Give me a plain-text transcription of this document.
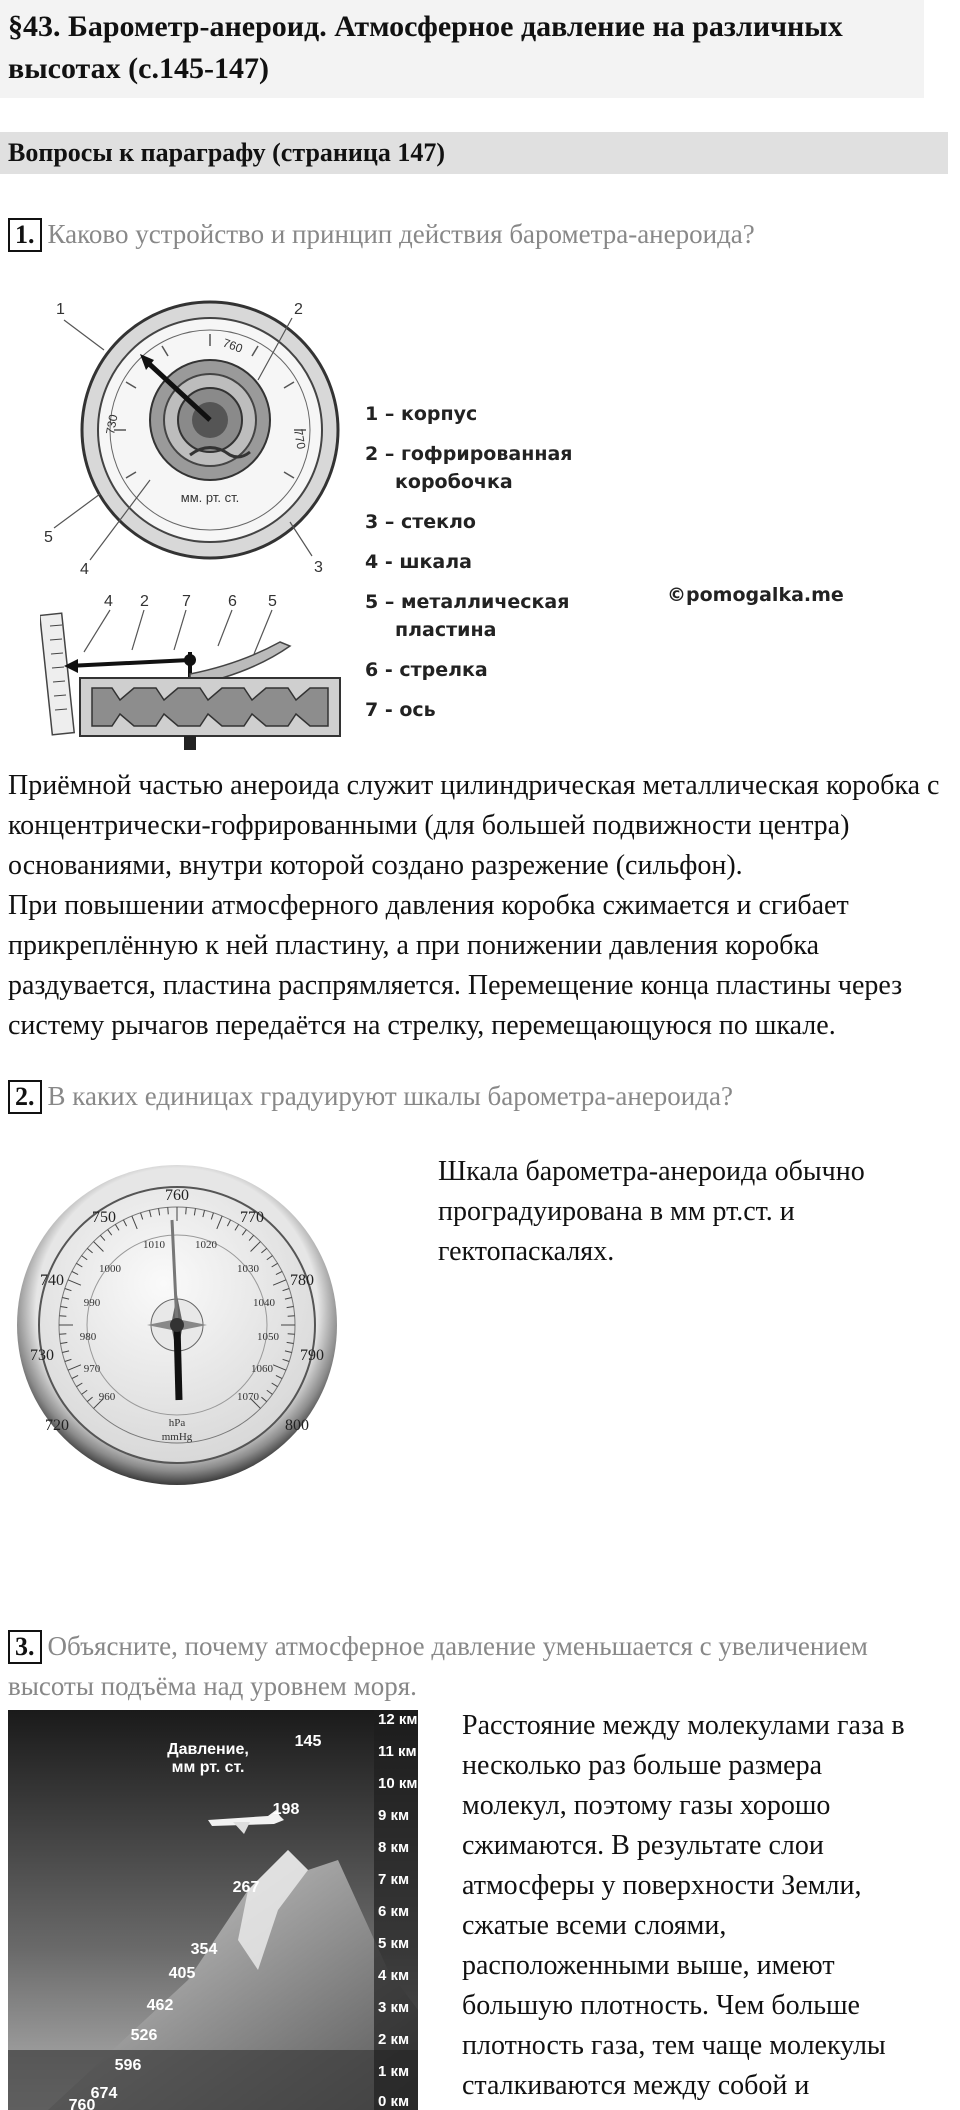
§43. Барометр-анероид. Атмосферное давление на различных высотах (с.145-147)
Вопросы к параграфу (страница 147)
1. Каково устройство и принцип действия барометра-анероида?
730
760
770
мм. рт. ст.
1	2
3
4
5
4 2 7 6 5
1 – корпус
2 – гофрированная
коробочка
3 – стекло
4 - шкала
5 – металлическая
пластина
6 - стрелка
7 - ось
©pomogalka.me
Приёмной частью анероида служит цилиндрическая металлическая коробка с концентрически-гофрированными (для большей подвижности центра) основаниями, внутри которой создано разрежение (сильфон).
При повышении атмосферного давления коробка сжимается и сгибает прикреплённую к ней пластину, а при понижении давления коробка раздувается, пластина распрямляется. Перемещение конца пластины через систему рычагов передаётся на стрелку, перемещающуюся по шкале.
2. В каких единицах градуируют шкалы барометра-анероида?
720
730
740
750
760
770
780
790
800
960
970
980
990
1000
1010	1020
1030
1040
1050
1060
1070
hPa
mmHg
Шкала барометра-анероида обычно
проградуирована в мм рт.ст. и
гектопаскалях.
3. Объясните, почему атмосферное давление уменьшается с увеличением
высоты подъёма над уровнем моря.
12 км
11 км
10 км
9 км
8 км
7 км
6 км
5 км
4 км
3 км
2 км
1 км
0 км
Давление,
мм рт. ст.
145
198
267
354
405
462
526
596
674
760
Расстояние между молекулами газа в
несколько раз больше размера
молекул, поэтому газы хорошо
сжимаются. В результате слои
атмосферы у поверхности Земли,
сжатые всеми слоями,
расположенными выше, имеют
большую плотность. Чем больше
плотность газа, тем чаще молекулы
сталкиваются между собой и
